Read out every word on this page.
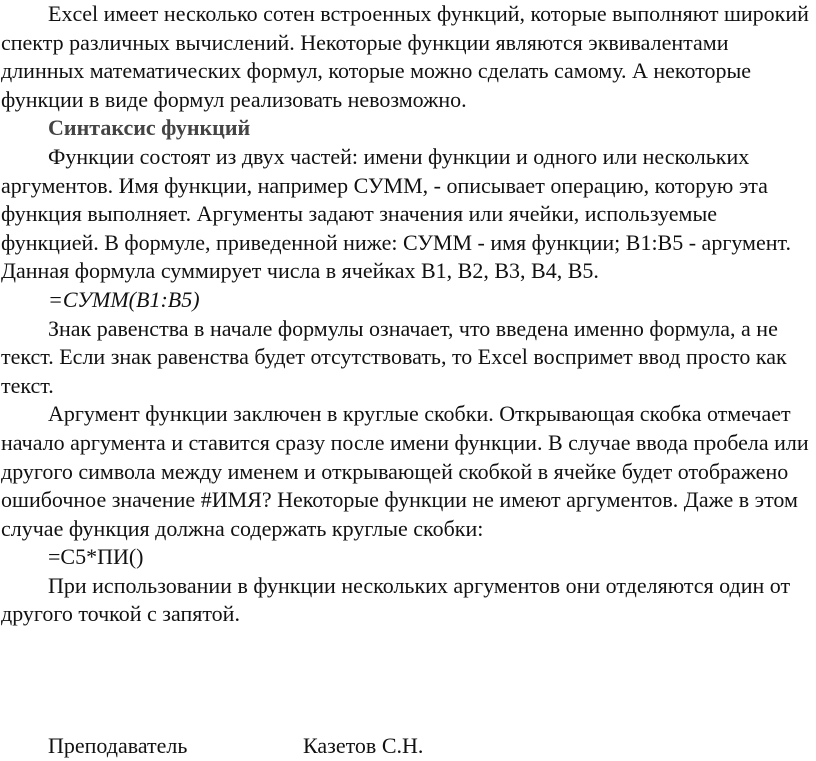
Excel имеет несколько сотен встроенных функций, которые выполняют широкий спектр различных вычислений. Некоторые функции являются эквивалентами длинных математических формул, которые можно сделать самому. А некоторые функции в виде формул реализовать невозможно.

Синтаксис функций

Функции состоят из двух частей: имени функции и одного или нескольких аргументов. Имя функции, например СУММ, - описывает операцию, которую эта функция выполняет. Аргументы задают значения или ячейки, используемые функцией. В формуле, приведенной ниже: СУММ - имя функции; B1:B5 - аргумент. Данная формула суммирует числа в ячейках B1, B2, B3, B4, B5.

=СУММ(B1:B5)

Знак равенства в начале формулы означает, что введена именно формула, а не текст. Если знак равенства будет отсутствовать, то Excel воспримет ввод просто как текст.

Аргумент функции заключен в круглые скобки. Открывающая скобка отмечает начало аргумента и ставится сразу после имени функции. В случае ввода пробела или другого символа между именем и открывающей скобкой в ячейке будет отображено ошибочное значение #ИМЯ? Некоторые функции не имеют аргументов. Даже в этом случае функция должна содержать круглые скобки:

=C5*ПИ()

При использовании в функции нескольких аргументов они отделяются один от другого точкой с запятой.

Преподаватель	Казетов С.Н.
